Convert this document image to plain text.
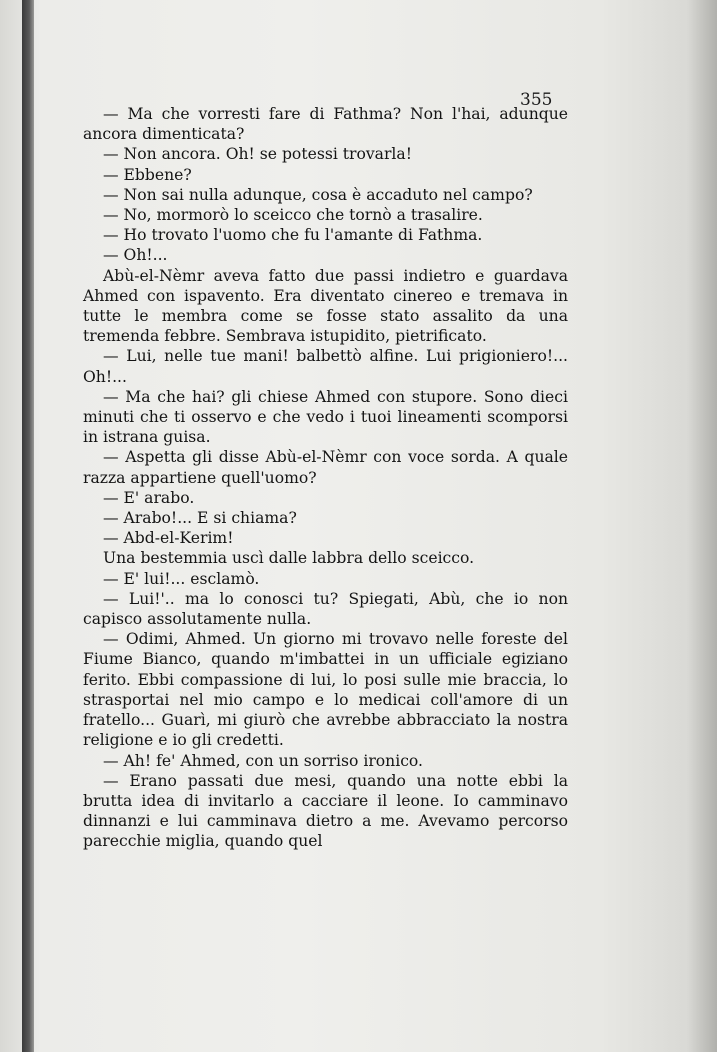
355

— Ma che vorresti fare di Fathma? Non l'hai, adunque ancora dimenticata?

— Non ancora. Oh! se potessi trovarla!

— Ebbene?

— Non sai nulla adunque, cosa è accaduto nel campo?

— No, mormorò lo sceicco che tornò a trasalire.

— Ho trovato l'uomo che fu l'amante di Fathma.

— Oh!...

Abù-el-Nèmr aveva fatto due passi indietro e guardava Ahmed con ispavento. Era diventato cinereo e tremava in tutte le membra come se fosse stato assalito da una tremenda febbre. Sembrava istupidito, pietrificato.

— Lui, nelle tue mani! balbettò alfine. Lui prigioniero!... Oh!...

— Ma che hai? gli chiese Ahmed con stupore. Sono dieci minuti che ti osservo e che vedo i tuoi lineamenti scomporsi in istrana guisa.

— Aspetta gli disse Abù-el-Nèmr con voce sorda. A quale razza appartiene quell'uomo?

— E' arabo.

— Arabo!... E si chiama?

— Abd-el-Kerim!

Una bestemmia uscì dalle labbra dello sceicco.

— E' lui!... esclamò.

— Lui!'.. ma lo conosci tu? Spiegati, Abù, che io non capisco assolutamente nulla.

— Odimi, Ahmed. Un giorno mi trovavo nelle foreste del Fiume Bianco, quando m'imbattei in un ufficiale egiziano ferito. Ebbi compassione di lui, lo posi sulle mie braccia, lo strasportai nel mio campo e lo medicai coll'amore di un fratello... Guarì, mi giurò che avrebbe abbracciato la nostra religione e io gli credetti.

— Ah! fe' Ahmed, con un sorriso ironico.

— Erano passati due mesi, quando una notte ebbi la brutta idea di invitarlo a cacciare il leone. Io camminavo dinnanzi e lui camminava dietro a me. Avevamo percorso parecchie miglia, quando quel
